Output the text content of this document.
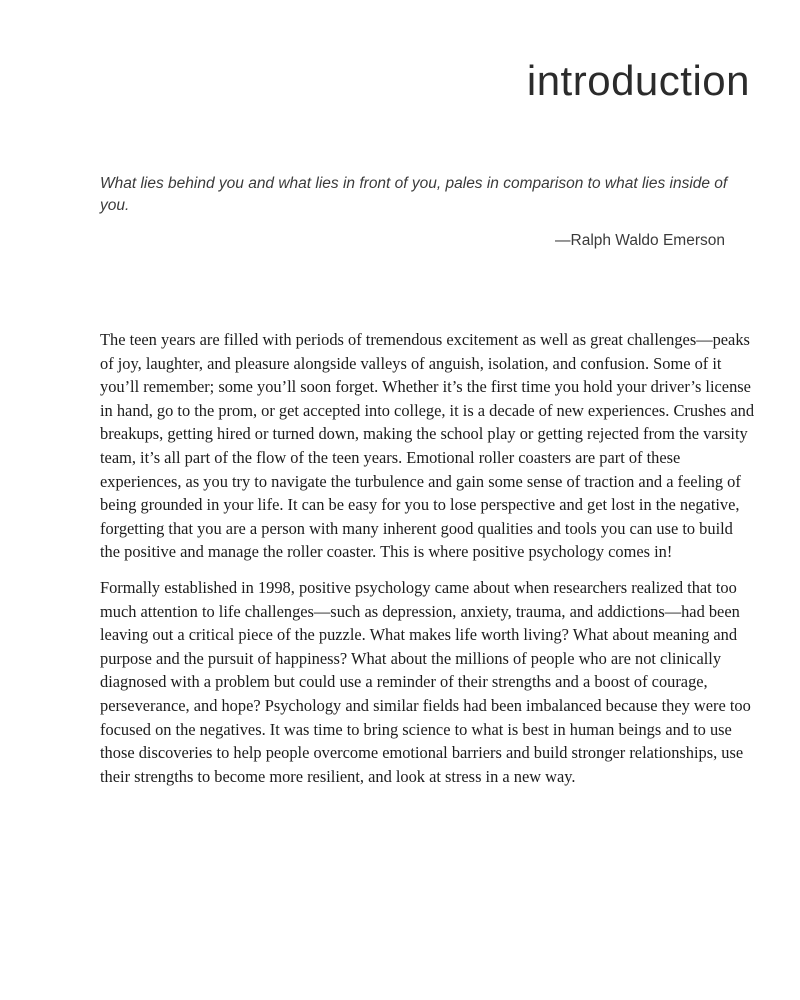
introduction

What lies behind you and what lies in front of you, pales in comparison to what lies inside of you.

—Ralph Waldo Emerson

The teen years are filled with periods of tremendous excitement as well as great challenges—peaks of joy, laughter, and pleasure alongside valleys of anguish, isolation, and confusion. Some of it you’ll remember; some you’ll soon forget. Whether it’s the first time you hold your driver’s license in hand, go to the prom, or get accepted into college, it is a decade of new experiences. Crushes and breakups, getting hired or turned down, making the school play or getting rejected from the varsity team, it’s all part of the flow of the teen years. Emotional roller coasters are part of these experiences, as you try to navigate the turbulence and gain some sense of traction and a feeling of being grounded in your life. It can be easy for you to lose perspective and get lost in the negative, forgetting that you are a person with many inherent good qualities and tools you can use to build the positive and manage the roller coaster. This is where positive psychology comes in!

Formally established in 1998, positive psychology came about when researchers realized that too much attention to life challenges—such as depression, anxiety, trauma, and addictions—had been leaving out a critical piece of the puzzle. What makes life worth living? What about meaning and purpose and the pursuit of happiness? What about the millions of people who are not clinically diagnosed with a problem but could use a reminder of their strengths and a boost of courage, perseverance, and hope? Psychology and similar fields had been imbalanced because they were too focused on the negatives. It was time to bring science to what is best in human beings and to use those discoveries to help people overcome emotional barriers and build stronger relationships, use their strengths to become more resilient, and look at stress in a new way.
